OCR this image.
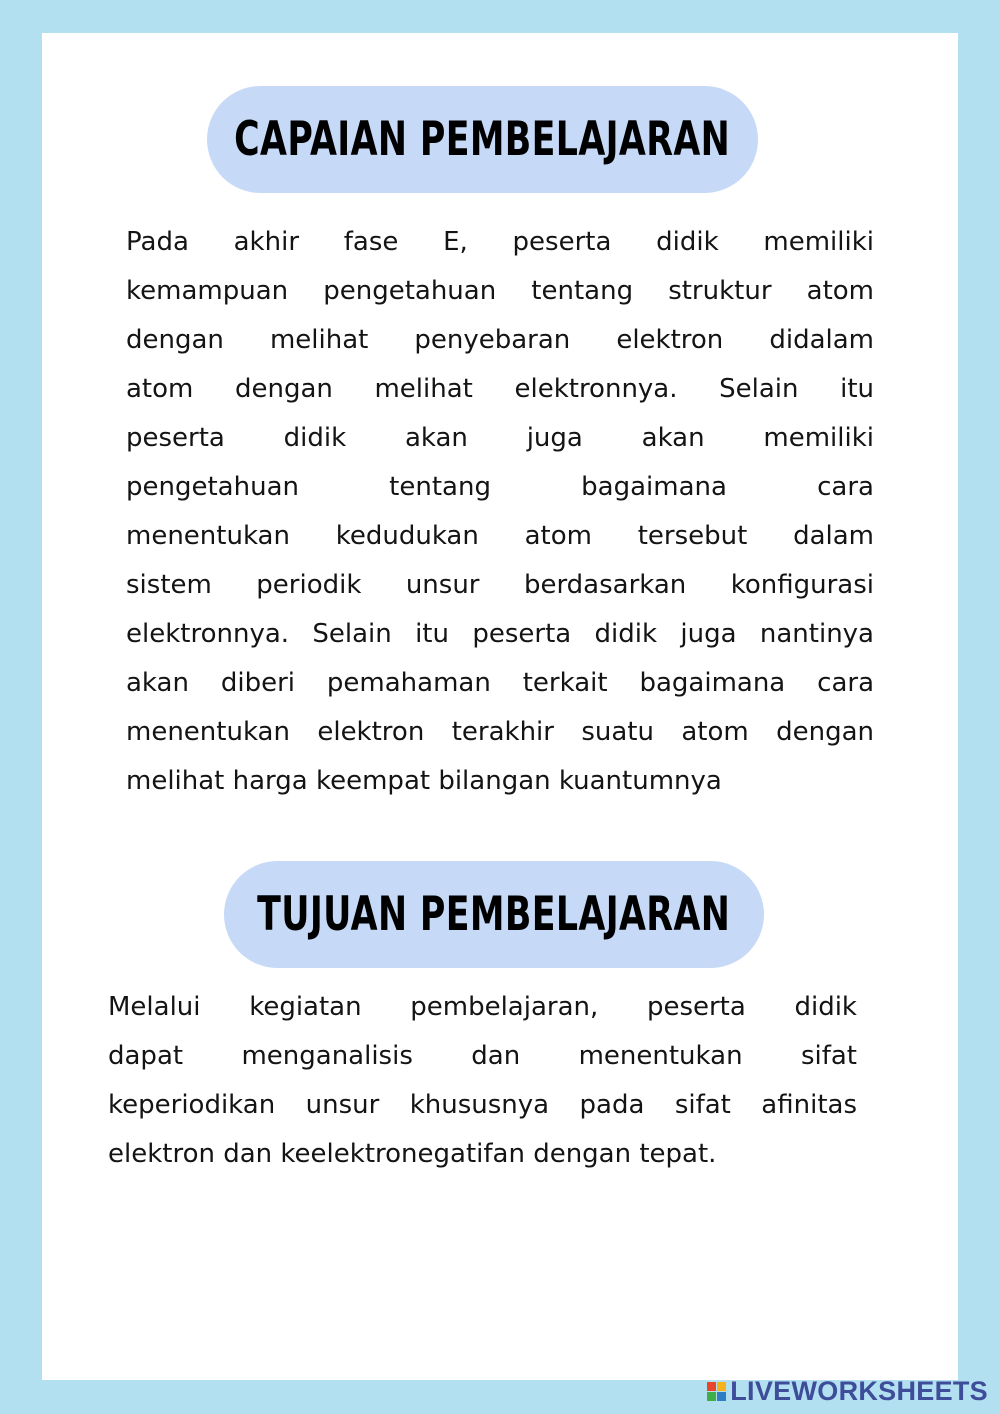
CAPAIAN PEMBELAJARAN

Pada akhir fase E, peserta didik memiliki
kemampuan pengetahuan tentang struktur atom
dengan melihat penyebaran elektron didalam
atom dengan melihat elektronnya. Selain itu
peserta didik akan juga akan memiliki
pengetahuan tentang bagaimana cara
menentukan kedudukan atom tersebut dalam
sistem periodik unsur berdasarkan konfigurasi
elektronnya. Selain itu peserta didik juga nantinya
akan diberi pemahaman terkait bagaimana cara
menentukan elektron terakhir suatu atom dengan
melihat harga keempat bilangan kuantumnya

TUJUAN PEMBELAJARAN

Melalui kegiatan pembelajaran, peserta didik
dapat menganalisis dan menentukan sifat
keperiodikan unsur khususnya pada sifat afinitas
elektron dan keelektronegatifan dengan tepat.

LIVEWORKSHEETS
